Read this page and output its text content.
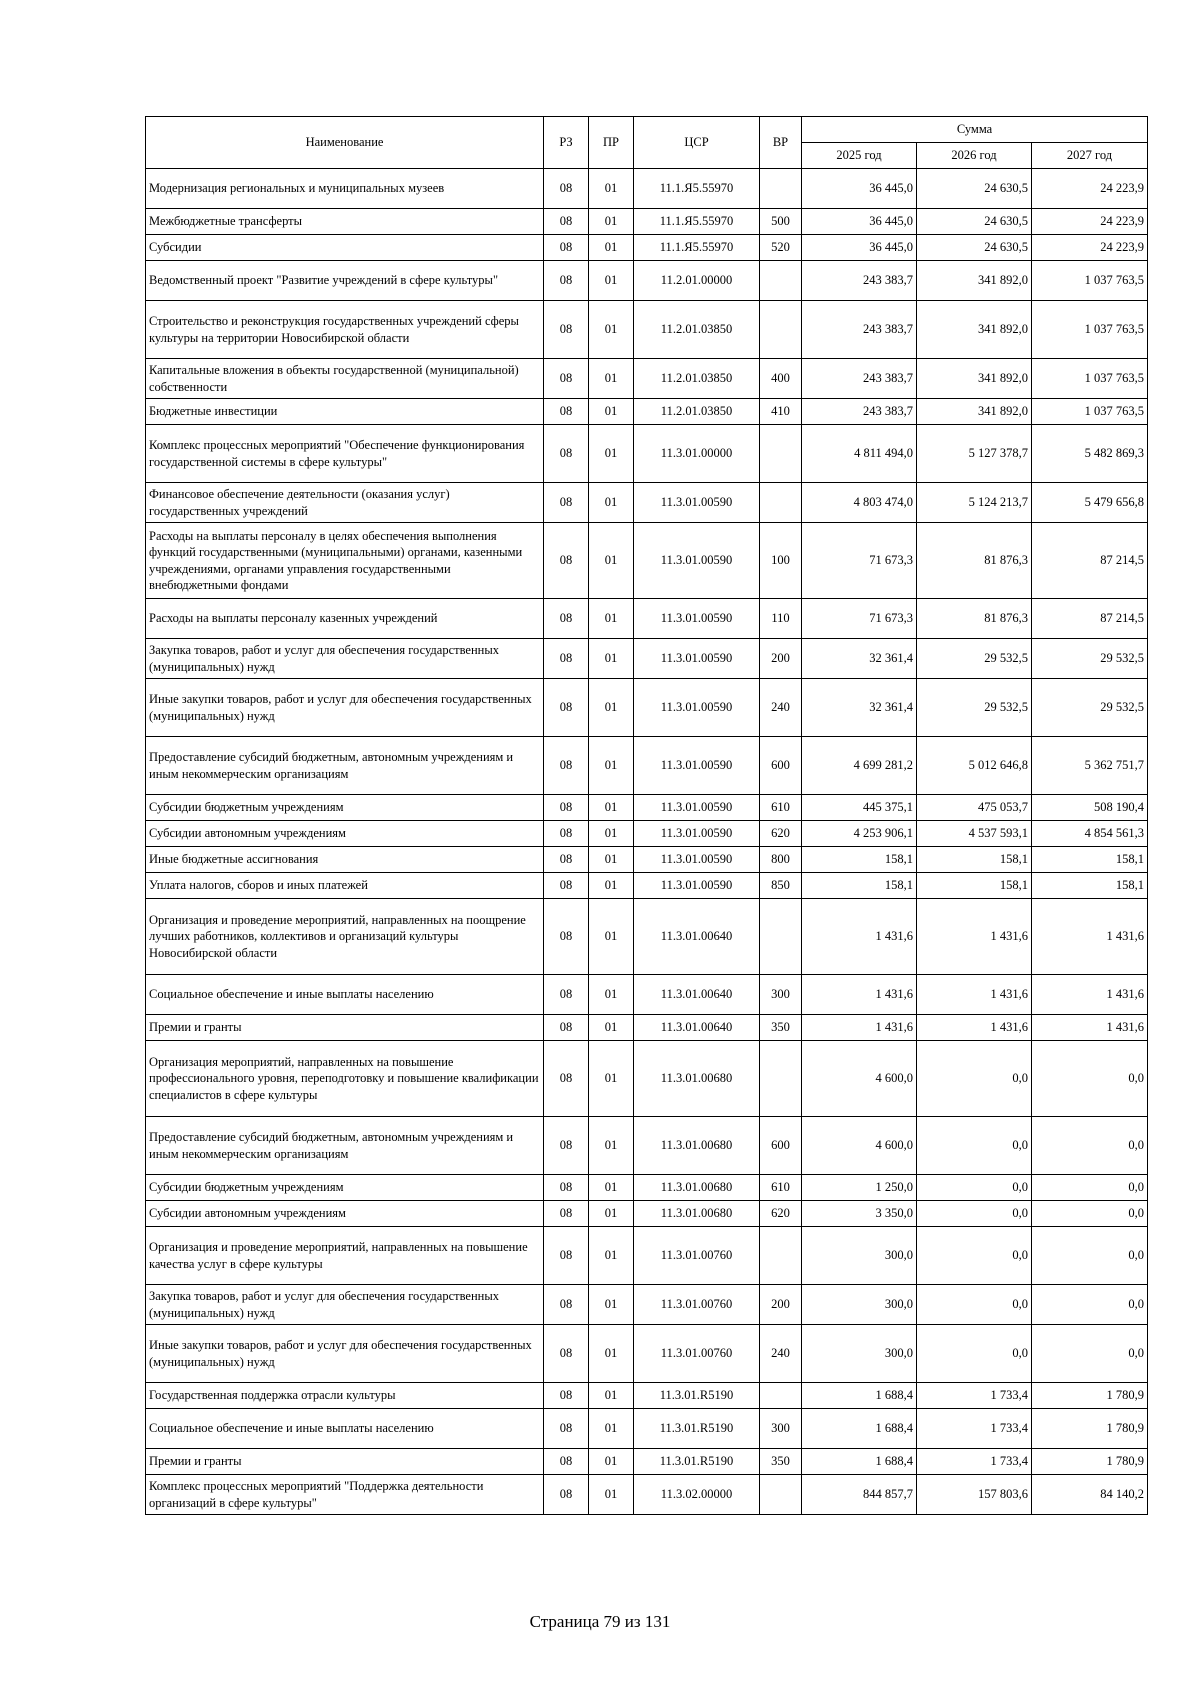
Наименование	РЗ	ПР	ЦСР	ВР	Сумма		
					2025 год	2026 год	2027 год
Модернизация региональных и муниципальных музеев	08	01	11.1.Я5.55970		36 445,0	24 630,5	24 223,9
Межбюджетные трансферты	08	01	11.1.Я5.55970	500	36 445,0	24 630,5	24 223,9
Субсидии	08	01	11.1.Я5.55970	520	36 445,0	24 630,5	24 223,9
Ведомственный проект "Развитие учреждений в сфере культуры"	08	01	11.2.01.00000		243 383,7	341 892,0	1 037 763,5
Строительство и реконструкция государственных учреждений сферы культуры на территории Новосибирской области	08	01	11.2.01.03850		243 383,7	341 892,0	1 037 763,5
Капитальные вложения в объекты государственной (муниципальной) собственности	08	01	11.2.01.03850	400	243 383,7	341 892,0	1 037 763,5
Бюджетные инвестиции	08	01	11.2.01.03850	410	243 383,7	341 892,0	1 037 763,5
Комплекс процессных мероприятий "Обеспечение функционирования государственной системы в сфере культуры"	08	01	11.3.01.00000		4 811 494,0	5 127 378,7	5 482 869,3
Финансовое обеспечение деятельности (оказания услуг) государственных учреждений	08	01	11.3.01.00590		4 803 474,0	5 124 213,7	5 479 656,8
Расходы на выплаты персоналу в целях обеспечения выполнения функций государственными (муниципальными) органами, казенными учреждениями, органами управления государственными внебюджетными фондами	08	01	11.3.01.00590	100	71 673,3	81 876,3	87 214,5
Расходы на выплаты персоналу казенных учреждений	08	01	11.3.01.00590	110	71 673,3	81 876,3	87 214,5
Закупка товаров, работ и услуг для обеспечения государственных (муниципальных) нужд	08	01	11.3.01.00590	200	32 361,4	29 532,5	29 532,5
Иные закупки товаров, работ и услуг для обеспечения государственных (муниципальных) нужд	08	01	11.3.01.00590	240	32 361,4	29 532,5	29 532,5
Предоставление субсидий бюджетным, автономным учреждениям и иным некоммерческим организациям	08	01	11.3.01.00590	600	4 699 281,2	5 012 646,8	5 362 751,7
Субсидии бюджетным учреждениям	08	01	11.3.01.00590	610	445 375,1	475 053,7	508 190,4
Субсидии автономным учреждениям	08	01	11.3.01.00590	620	4 253 906,1	4 537 593,1	4 854 561,3
Иные бюджетные ассигнования	08	01	11.3.01.00590	800	158,1	158,1	158,1
Уплата налогов, сборов и иных платежей	08	01	11.3.01.00590	850	158,1	158,1	158,1
Организация и проведение мероприятий, направленных на поощрение лучших работников, коллективов и организаций культуры Новосибирской области	08	01	11.3.01.00640		1 431,6	1 431,6	1 431,6
Социальное обеспечение и иные выплаты населению	08	01	11.3.01.00640	300	1 431,6	1 431,6	1 431,6
Премии и гранты	08	01	11.3.01.00640	350	1 431,6	1 431,6	1 431,6
Организация мероприятий, направленных на повышение профессионального уровня, переподготовку и повышение квалификации специалистов в сфере культуры	08	01	11.3.01.00680		4 600,0	0,0	0,0
Предоставление субсидий бюджетным, автономным учреждениям и иным некоммерческим организациям	08	01	11.3.01.00680	600	4 600,0	0,0	0,0
Субсидии бюджетным учреждениям	08	01	11.3.01.00680	610	1 250,0	0,0	0,0
Субсидии автономным учреждениям	08	01	11.3.01.00680	620	3 350,0	0,0	0,0
Организация и проведение мероприятий, направленных на повышение качества услуг в сфере культуры	08	01	11.3.01.00760		300,0	0,0	0,0
Закупка товаров, работ и услуг для обеспечения государственных (муниципальных) нужд	08	01	11.3.01.00760	200	300,0	0,0	0,0
Иные закупки товаров, работ и услуг для обеспечения государственных (муниципальных) нужд	08	01	11.3.01.00760	240	300,0	0,0	0,0
Государственная поддержка отрасли культуры	08	01	11.3.01.R5190		1 688,4	1 733,4	1 780,9
Социальное обеспечение и иные выплаты населению	08	01	11.3.01.R5190	300	1 688,4	1 733,4	1 780,9
Премии и гранты	08	01	11.3.01.R5190	350	1 688,4	1 733,4	1 780,9
Комплекс процессных мероприятий "Поддержка деятельности организаций в сфере культуры"	08	01	11.3.02.00000		844 857,7	157 803,6	84 140,2
Страница 79 из 131
